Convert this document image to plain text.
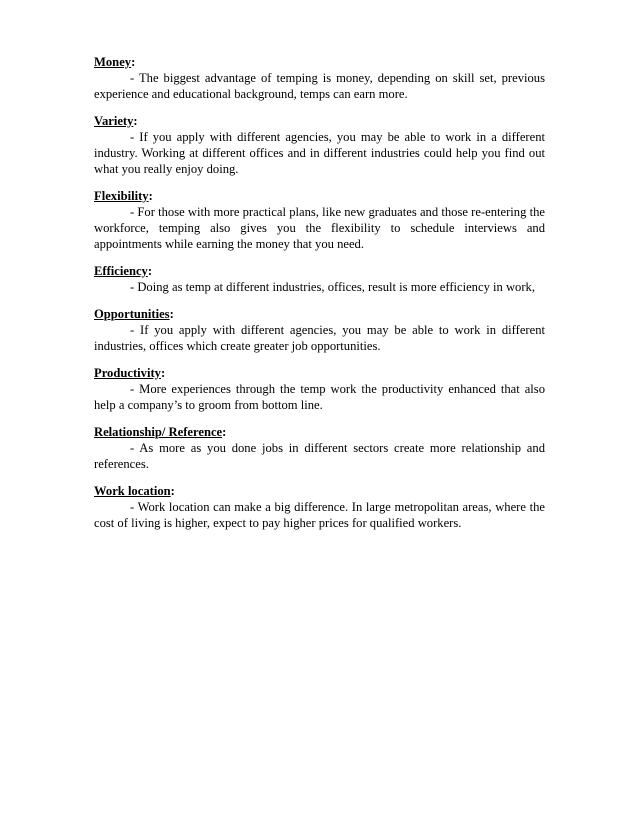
Money:

- The biggest advantage of temping is money, depending on skill set, previous experience and educational background, temps can earn more.

Variety:

- If you apply with different agencies, you may be able to work in a different industry. Working at different offices and in different industries could help you find out what you really enjoy doing.

Flexibility:

- For those with more practical plans, like new graduates and those re-entering the workforce, temping also gives you the flexibility to schedule interviews and appointments while earning the money that you need.

Efficiency:

- Doing as temp at different industries, offices, result is more efficiency in work,

Opportunities:

- If you apply with different agencies, you may be able to work in different industries, offices which create greater job opportunities.

Productivity:

- More experiences through the temp work the productivity enhanced that also help a company’s to groom from bottom line.

Relationship/ Reference:

- As more as you done jobs in different sectors create more relationship and references.

Work location:

- Work location can make a big difference. In large metropolitan areas, where the cost of living is higher, expect to pay higher prices for qualified workers.
